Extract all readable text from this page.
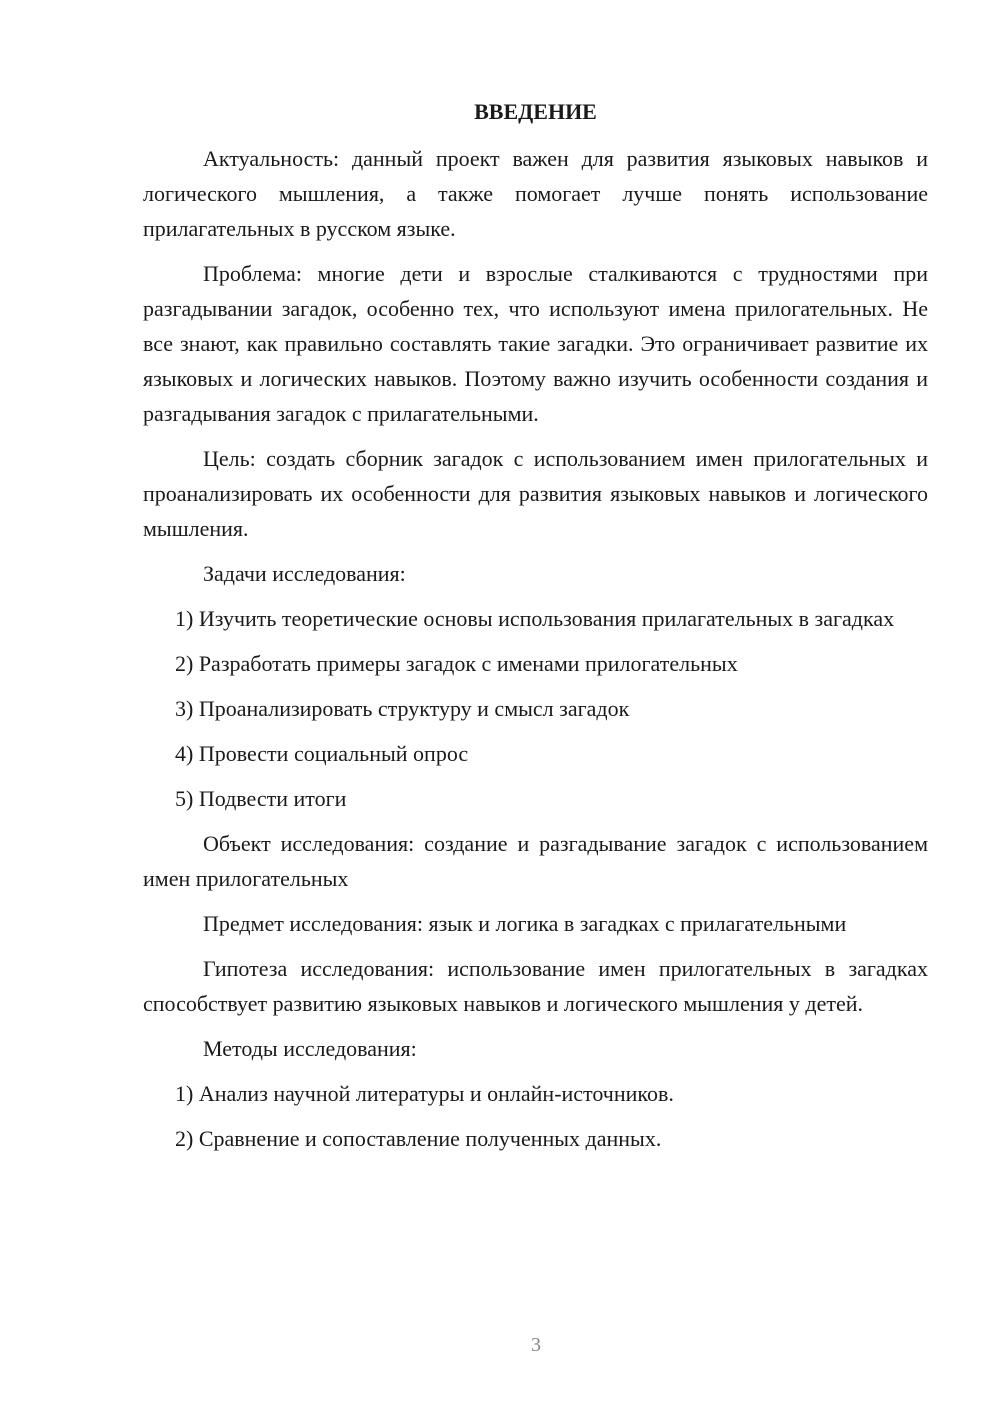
ВВЕДЕНИЕ

Актуальность: данный проект важен для развития языковых навыков и логического мышления, а также помогает лучше понять использование прилагательных в русском языке.

Проблема: многие дети и взрослые сталкиваются с трудностями при разгадывании загадок, особенно тех, что используют имена прилогательных. Не все знают, как правильно составлять такие загадки. Это ограничивает развитие их языковых и логических навыков. Поэтому важно изучить особенности создания и разгадывания загадок с прилагательными.

Цель: создать сборник загадок с использованием имен прилогательных и проанализировать их особенности для развития языковых навыков и логического мышления.

Задачи исследования:

1) Изучить теоретические основы использования прилагательных в загадках

2) Разработать примеры загадок с именами прилогательных

3) Проанализировать структуру и смысл загадок

4) Провести социальный опрос

5) Подвести итоги

Объект исследования: создание и разгадывание загадок с использованием имен прилогательных

Предмет исследования: язык и логика в загадках с прилагательными

Гипотеза исследования: использование имен прилогательных в загадках способствует развитию языковых навыков и логического мышления у детей.

Методы исследования:

1) Анализ научной литературы и онлайн-источников.

2) Сравнение и сопоставление полученных данных.

3
